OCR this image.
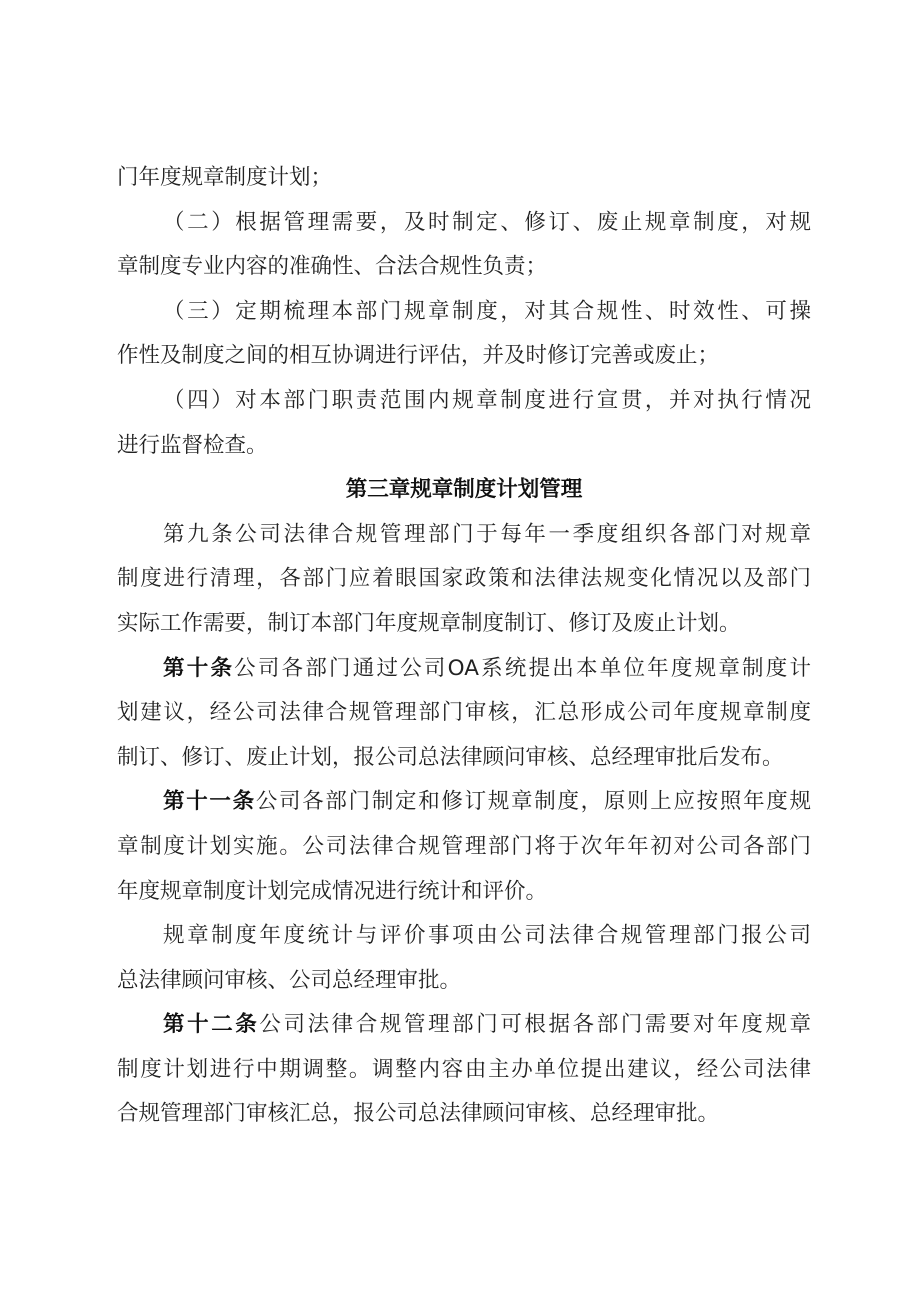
门年度规章制度计划；
（二）根据管理需要，及时制定、修订、废止规章制度，对规
章制度专业内容的准确性、合法合规性负责；
（三）定期梳理本部门规章制度，对其合规性、时效性、可操
作性及制度之间的相互协调进行评估，并及时修订完善或废止；
（四）对本部门职责范围内规章制度进行宣贯，并对执行情况
进行监督检查。
第三章规章制度计划管理
第九条公司法律合规管理部门于每年一季度组织各部门对规章
制度进行清理，各部门应着眼国家政策和法律法规变化情况以及部门
实际工作需要，制订本部门年度规章制度制订、修订及废止计划。
第十条公司各部门通过公司OA系统提出本单位年度规章制度计
划建议，经公司法律合规管理部门审核，汇总形成公司年度规章制度
制订、修订、废止计划，报公司总法律顾问审核、总经理审批后发布。
第十一条公司各部门制定和修订规章制度，原则上应按照年度规
章制度计划实施。公司法律合规管理部门将于次年年初对公司各部门
年度规章制度计划完成情况进行统计和评价。
规章制度年度统计与评价事项由公司法律合规管理部门报公司
总法律顾问审核、公司总经理审批。
第十二条公司法律合规管理部门可根据各部门需要对年度规章
制度计划进行中期调整。调整内容由主办单位提出建议，经公司法律
合规管理部门审核汇总，报公司总法律顾问审核、总经理审批。
